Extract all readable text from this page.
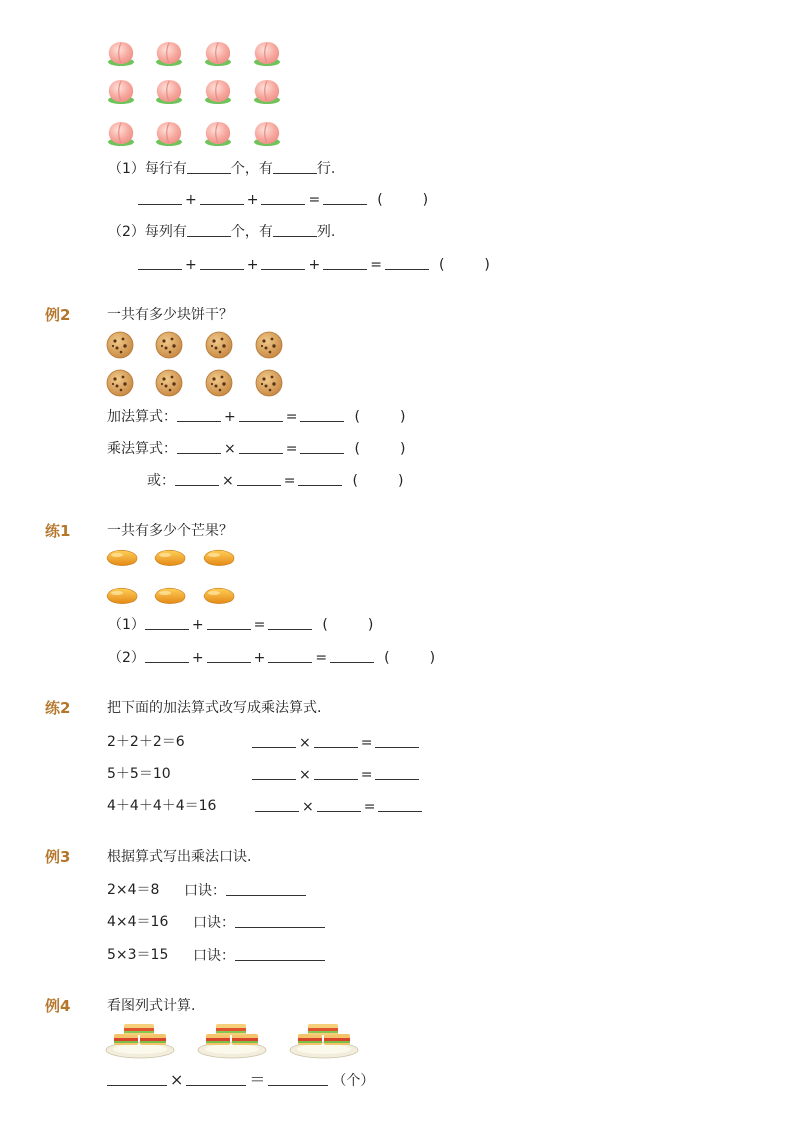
（1）每行有	个，有	行.
+	+	=	(	)
（2）每列有	个，有	列.
+	+	+	=	(	)
例2	一共有多少块饼干？
加法算式：	+	=	(	)
乘法算式：	×	=	(	)
或：	×	=	(	)
练1	一共有多少个芒果？
（1）	+	=	(	)
（2）	+	+	=	(	)
练2	把下面的加法算式改写成乘法算式.
2＋2＋2＝6	×	=
5＋5＝10	×	=
4＋4＋4＋4＝16	×	=
例3	根据算式写出乘法口诀.
2×4＝8 口诀：
4×4＝16 口诀：
5×3＝15 口诀：
例4	看图列式计算.
×	＝	（个）
